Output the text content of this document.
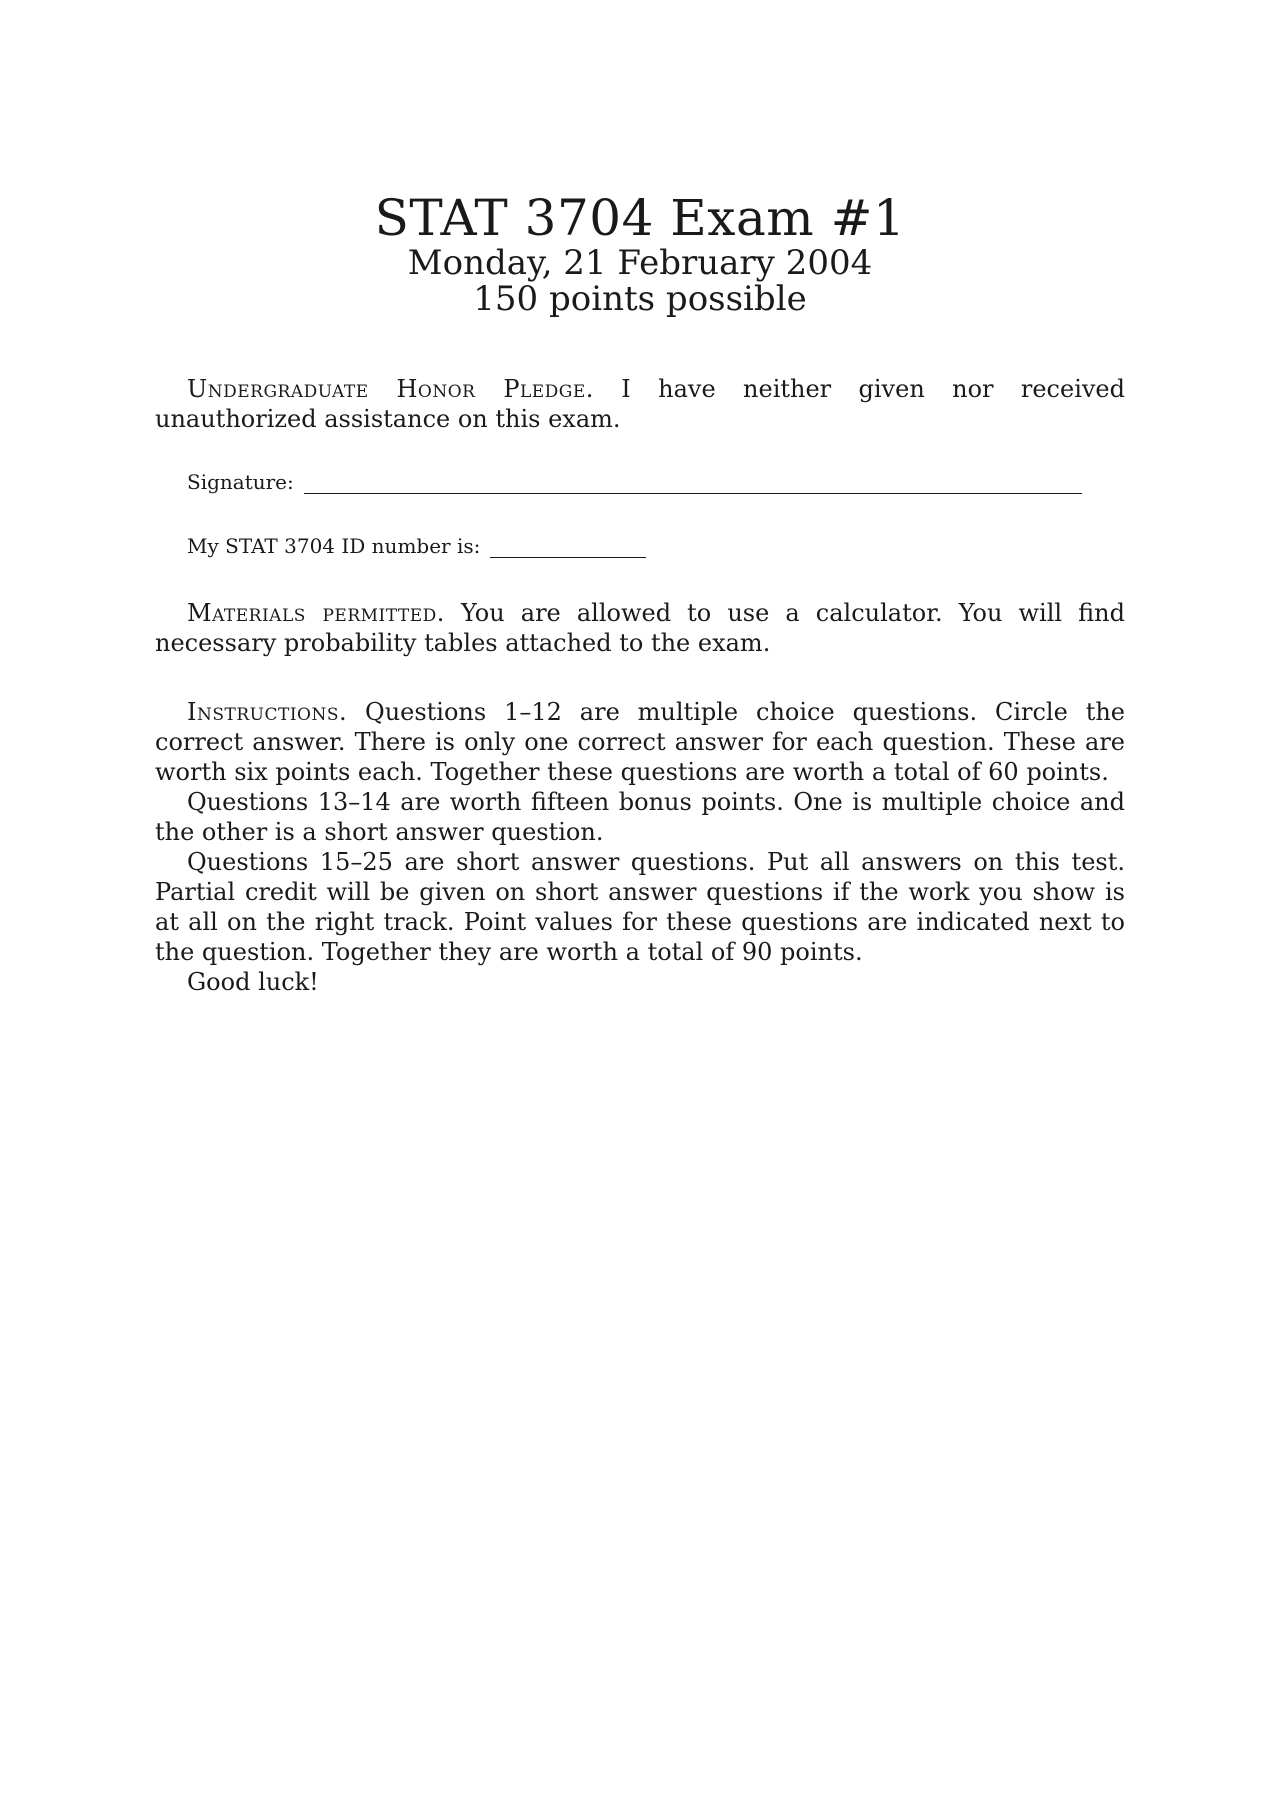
STAT 3704 Exam #1
Monday, 21 February 2004
150 points possible
Undergraduate Honor Pledge. I have neither given nor received unauthorized assistance on this exam.
Signature:
My STAT 3704 ID number is:
Materials permitted. You are allowed to use a calculator. You will find necessary probability tables attached to the exam.

Instructions. Questions 1–12 are multiple choice questions. Circle the correct answer. There is only one correct answer for each question. These are worth six points each. Together these questions are worth a total of 60 points.

Questions 13–14 are worth fifteen bonus points. One is multiple choice and the other is a short answer question.

Questions 15–25 are short answer questions. Put all answers on this test. Partial credit will be given on short answer questions if the work you show is at all on the right track. Point values for these questions are indicated next to the question. Together they are worth a total of 90 points.

Good luck!
